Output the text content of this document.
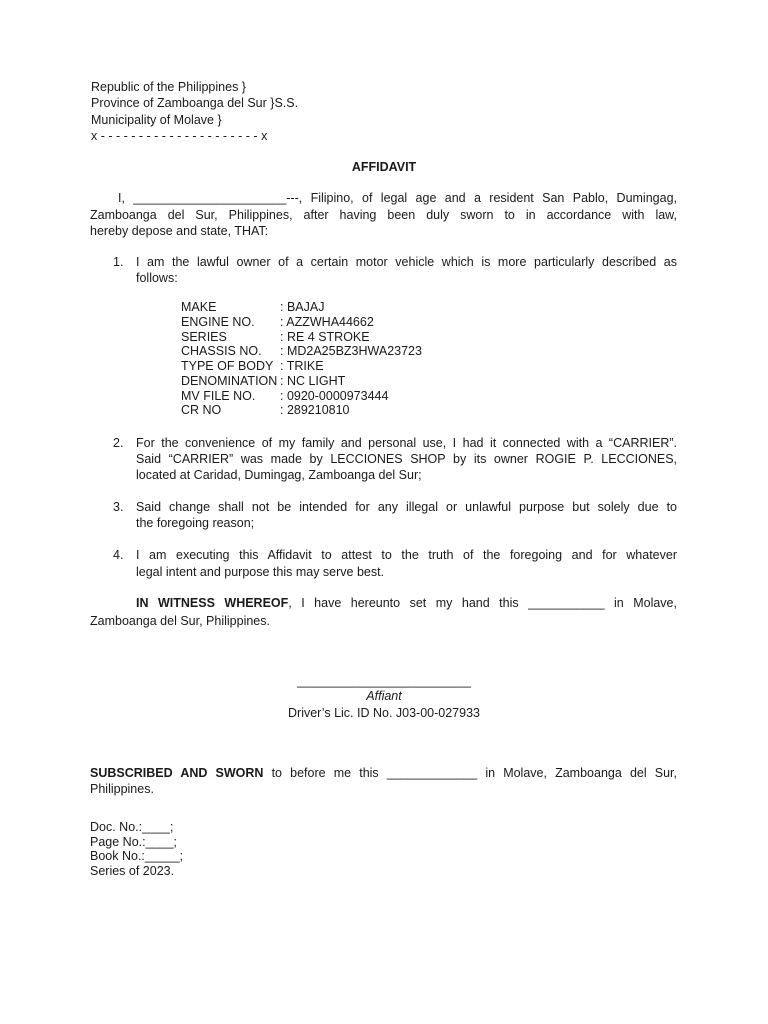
Republic of the Philippines }
Province of Zamboanga del Sur }S.S.
Municipality of Molave }
x - - - - - - - - - - - - - - - - - - - - - x
AFFIDAVIT
I, ______________________---, Filipino, of legal age and a resident San Pablo, Dumingag,
Zamboanga del Sur, Philippines, after having been duly sworn to in accordance with law,
hereby depose and state, THAT:
1.	I am the lawful owner of a certain motor vehicle which is more particularly described as
follows:
MAKE	: BAJAJ
ENGINE NO. : AZZWHA44662
SERIES	: RE 4 STROKE
CHASSIS NO. : MD2A25BZ3HWA23723
TYPE OF BODY : TRIKE
DENOMINATION : NC LIGHT
MV FILE NO. : 0920-0000973444
CR NO	: 289210810
2.	For the convenience of my family and personal use, I had it connected with a “CARRIER”.
Said “CARRIER” was made by LECCIONES SHOP by its owner ROGIE P. LECCIONES,
located at Caridad, Dumingag, Zamboanga del Sur;
3.	Said change shall not be intended for any illegal or unlawful purpose but solely due to
the foregoing reason;
4.	I am executing this Affidavit to attest to the truth of the foregoing and for whatever
legal intent and purpose this may serve best.
IN WITNESS WHEREOF, I have hereunto set my hand this ___________ in Molave,
Zamboanga del Sur, Philippines.
_________________________
Affiant
Driver’s Lic. ID No. J03-00-027933
SUBSCRIBED AND SWORN to before me this _____________ in Molave, Zamboanga del Sur,
Philippines.
Doc. No.:____;
Page No.:____;
Book No.:_____;
Series of 2023.
